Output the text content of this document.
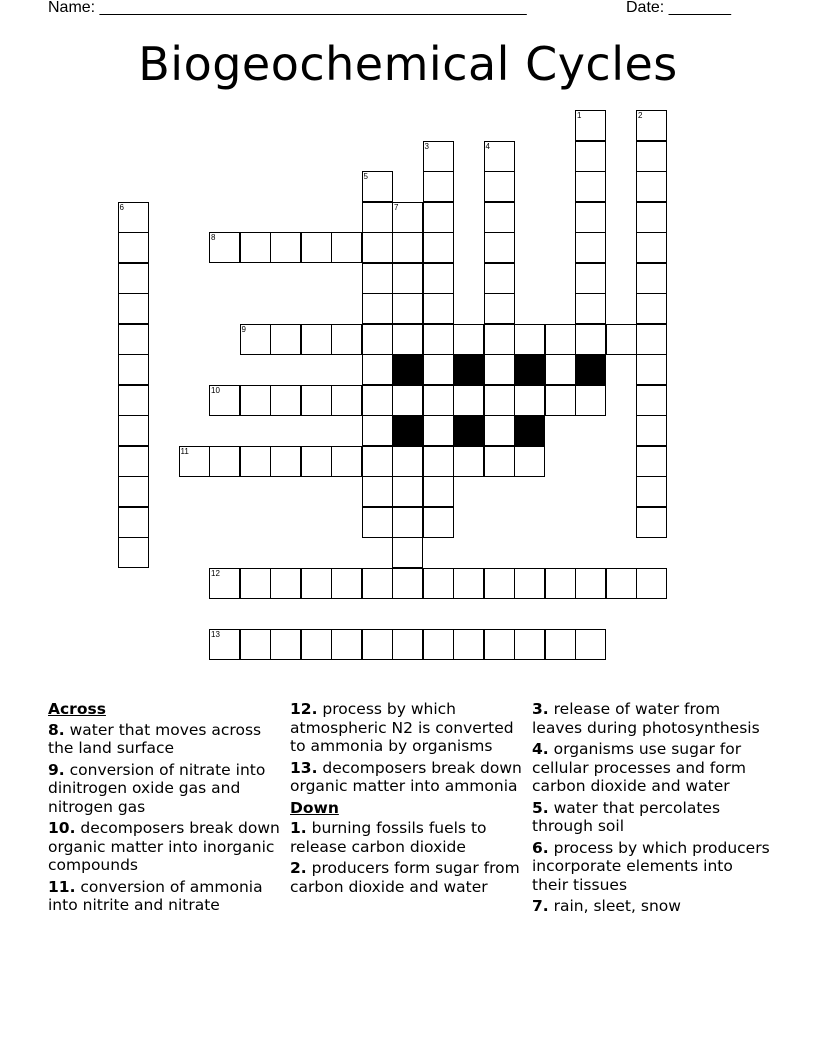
Name: ________________________________________________	Date: _______
Biogeochemical Cycles
1	2
3	4
5
6	7
8
9
10
11
12
13
Across
8. water that moves across the land surface
9. conversion of nitrate into dinitrogen oxide gas and nitrogen gas
10. decomposers break down organic matter into inorganic compounds
11. conversion of ammonia into nitrite and nitrate
12. process by which atmospheric N2 is converted to ammonia by organisms
13. decomposers break down organic matter into ammonia
Down
1. burning fossils fuels to release carbon dioxide
2. producers form sugar from carbon dioxide and water
3. release of water from leaves during photosynthesis
4. organisms use sugar for cellular processes and form carbon dioxide and water
5. water that percolates through soil
6. process by which producers incorporate elements into their tissues
7. rain, sleet, snow
